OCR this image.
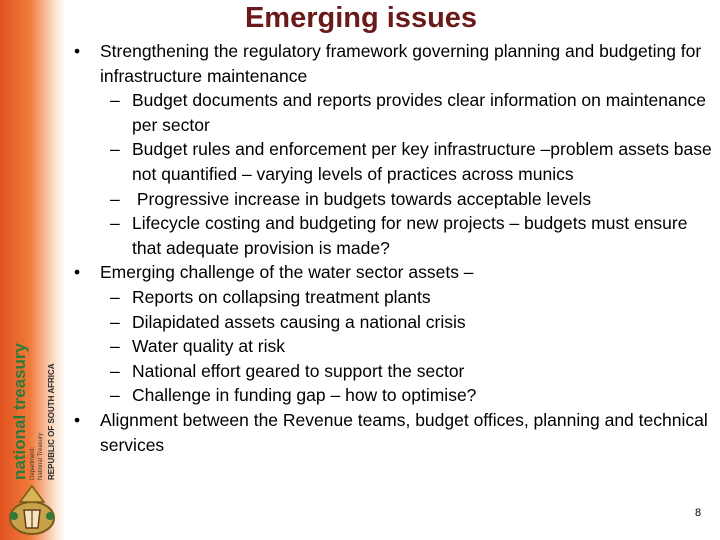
national treasury Department: National Treasury REPUBLIC OF SOUTH AFRICA
Emerging issues
• Strengthening the regulatory framework governing planning and budgeting for infrastructure maintenance
– Budget documents and reports provides clear information on maintenance per sector
– Budget rules and enforcement per key infrastructure –problem assets base not quantified – varying levels of practices across munics
– Progressive increase in budgets towards acceptable levels
– Lifecycle costing and budgeting for new projects – budgets must ensure that adequate provision is made?
• Emerging challenge of the water sector assets –
– Reports on collapsing treatment plants
– Dilapidated assets causing a national crisis
– Water quality at risk
– National effort geared to support the sector
– Challenge in funding gap – how to optimise?
• Alignment between the Revenue teams, budget offices, planning and technical services
8
